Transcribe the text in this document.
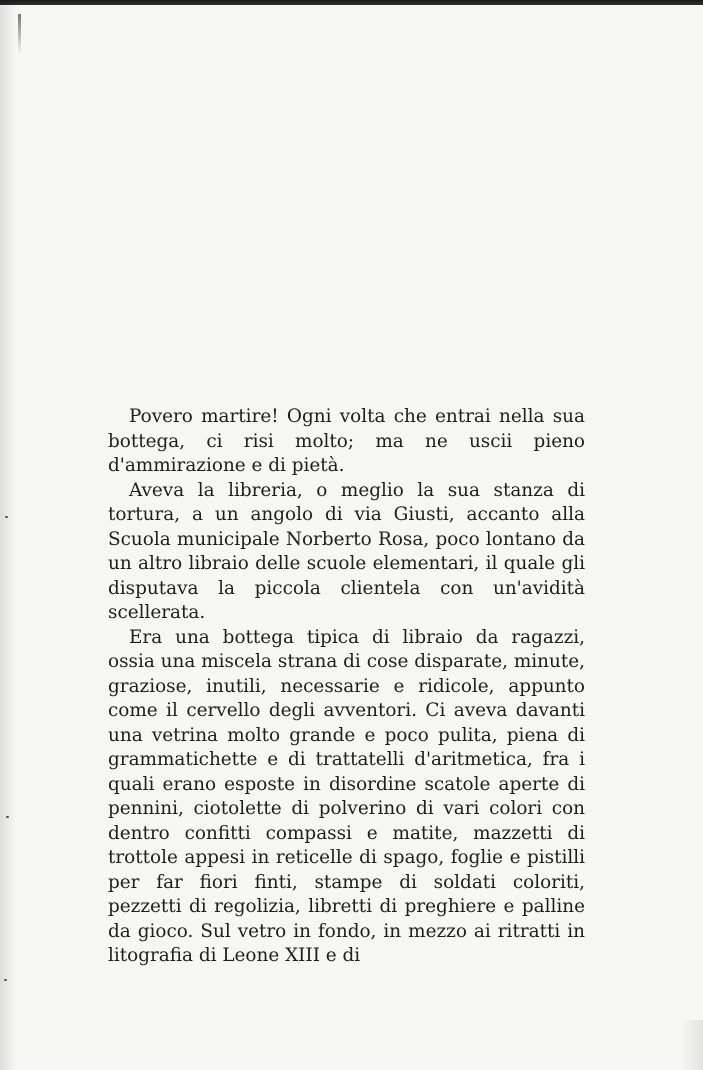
Povero martire! Ogni volta che entrai nella sua bottega, ci risi molto; ma ne uscii pieno d'ammirazione e di pietà.

Aveva la libreria, o meglio la sua stanza di tortura, a un angolo di via Giusti, accanto alla Scuola municipale Norberto Rosa, poco lontano da un altro libraio delle scuole elementari, il quale gli disputava la piccola clientela con un'avidità scellerata.

Era una bottega tipica di libraio da ragazzi, ossia una miscela strana di cose disparate, minute, graziose, inutili, necessarie e ridicole, appunto come il cervello degli avventori. Ci aveva davanti una vetrina molto grande e poco pulita, piena di grammatichette e di trattatelli d'aritmetica, fra i quali erano esposte in disordine scatole aperte di pennini, ciotolette di polverino di vari colori con dentro confitti compassi e matite, mazzetti di trottole appesi in reticelle di spago, foglie e pistilli per far fiori finti, stampe di soldati coloriti, pezzetti di regolizia, libretti di preghiere e palline da gioco. Sul vetro in fondo, in mezzo ai ritratti in litografia di Leone XIII e di
